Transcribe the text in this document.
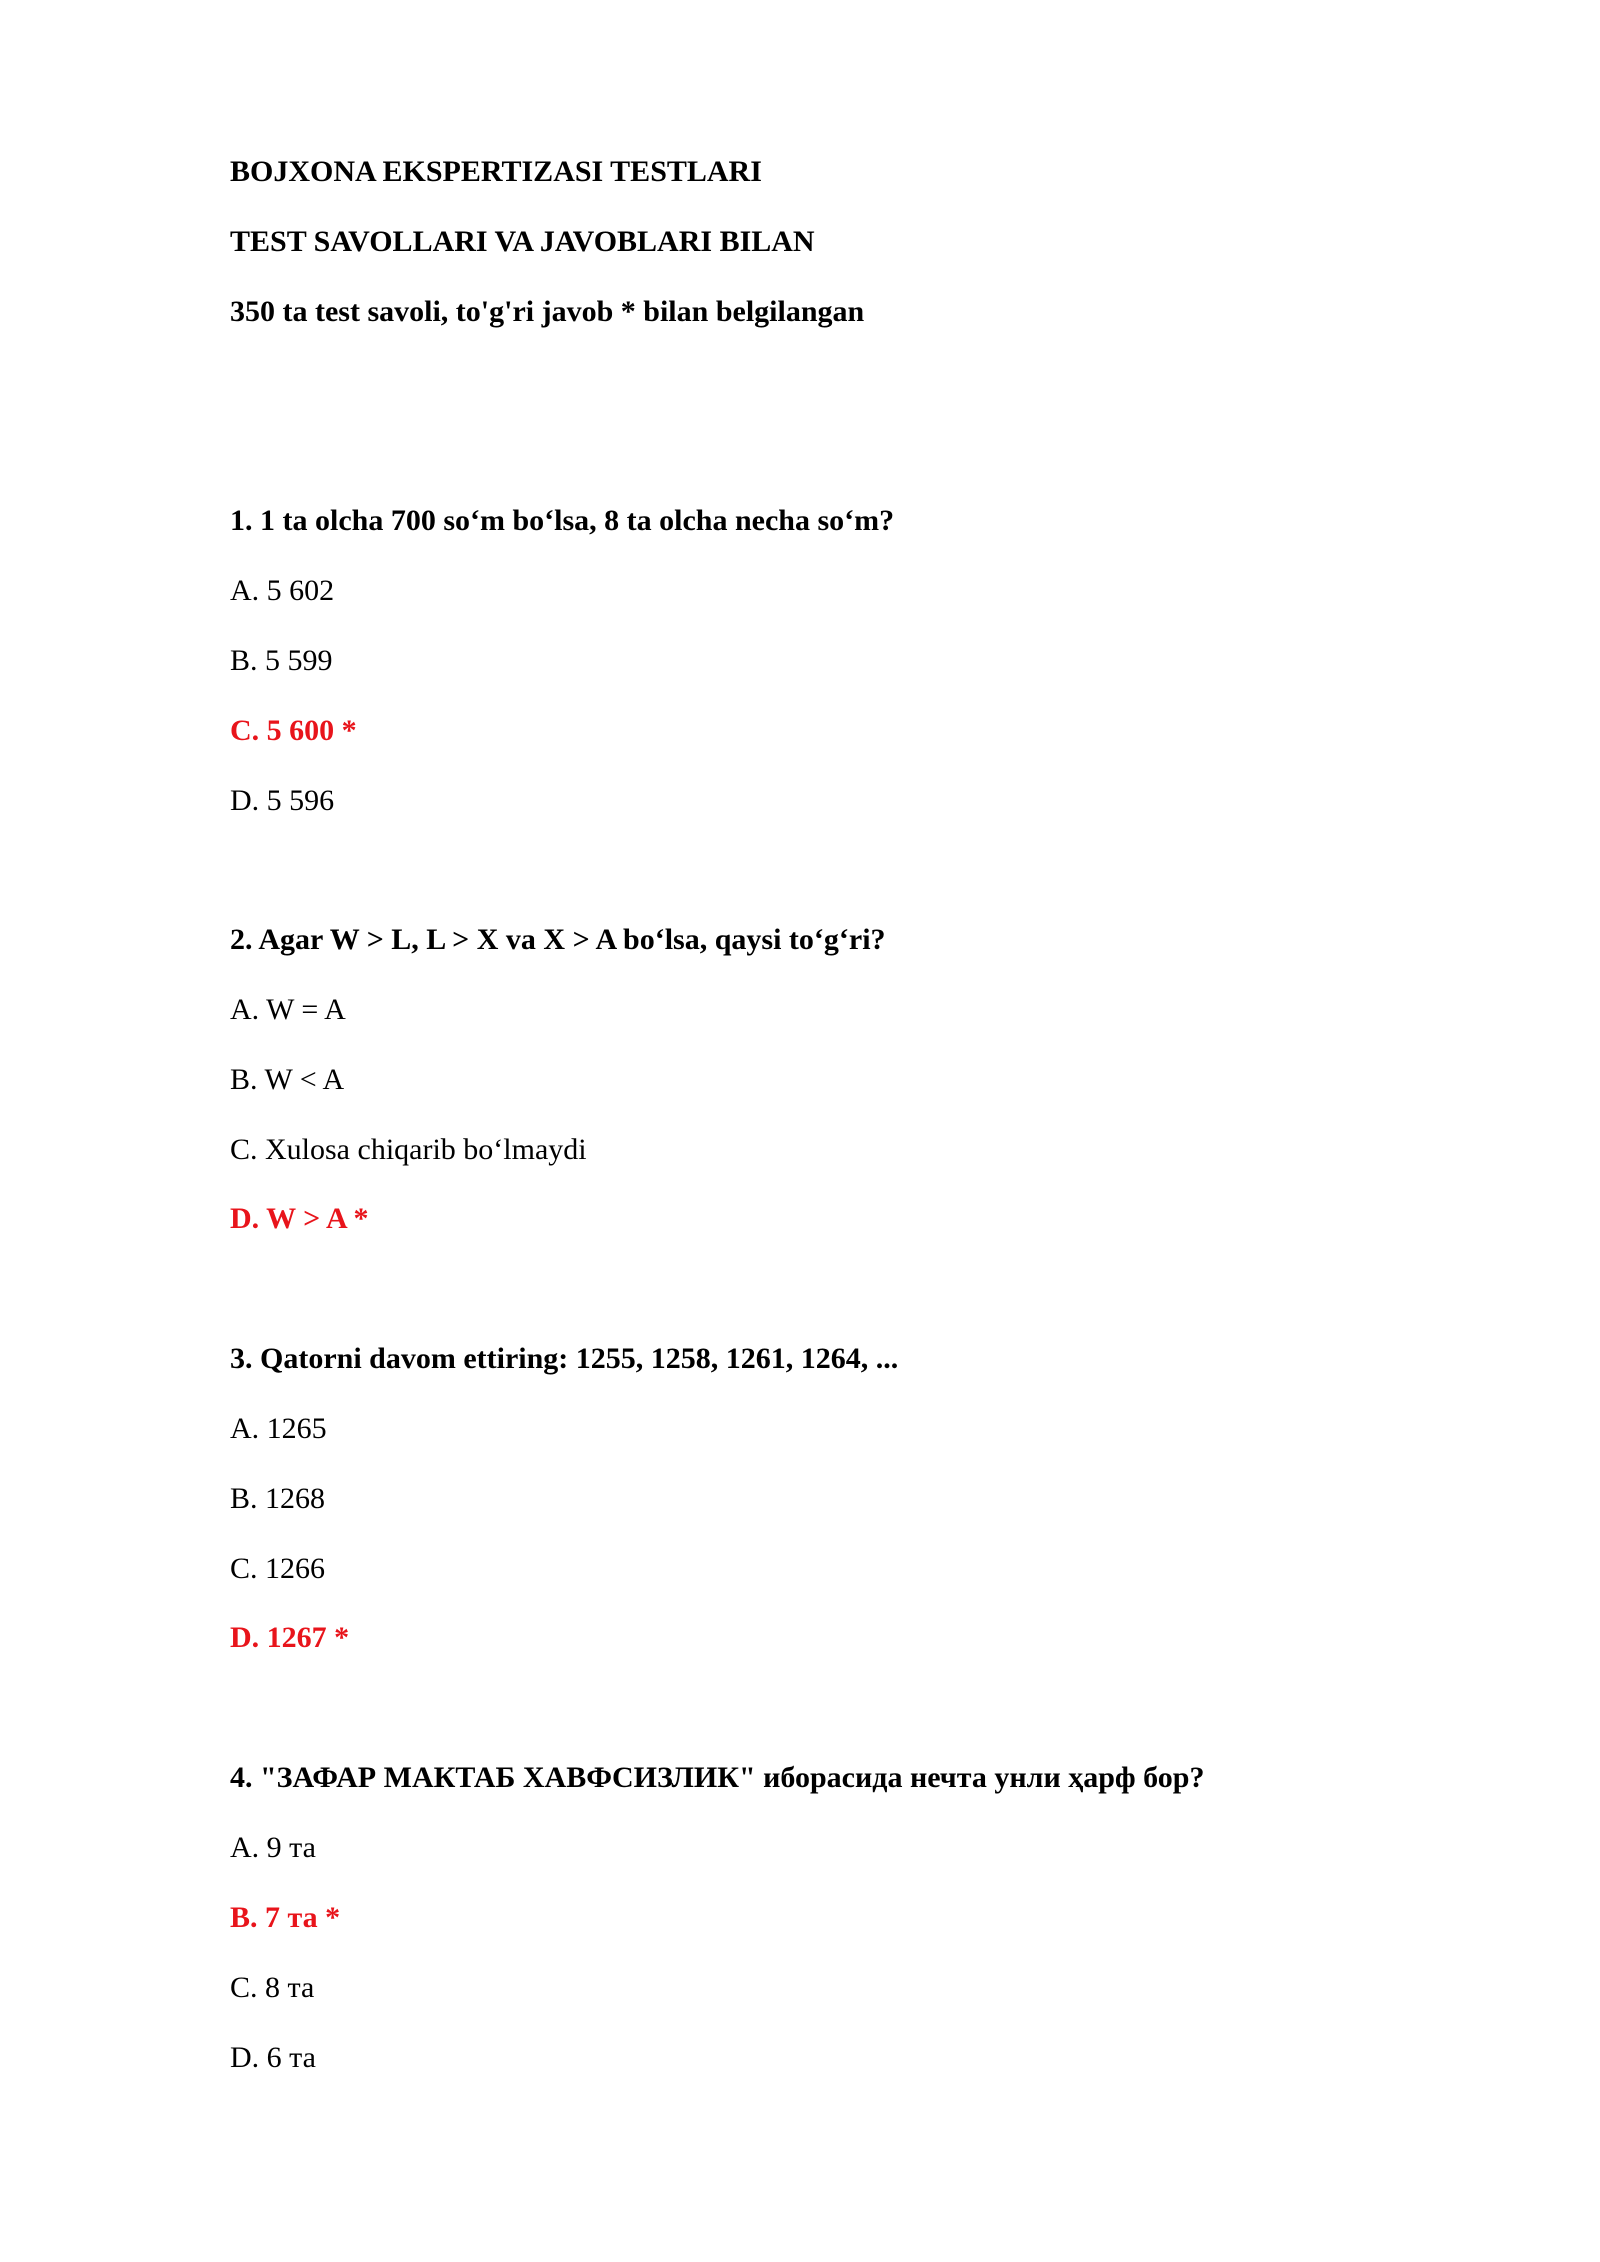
BOJXONA EKSPERTIZASI TESTLARI
TEST SAVOLLARI VA JAVOBLARI BILAN
350 ta test savoli, to'g'ri javob * bilan belgilangan
1. 1 ta olcha 700 so‘m bo‘lsa, 8 ta olcha necha so‘m?
A. 5 602
B. 5 599
C. 5 600 *
D. 5 596
2. Agar W > L, L > X va X > A bo‘lsa, qaysi to‘g‘ri?
A. W = A
B. W < A
C. Xulosa chiqarib bo‘lmaydi
D. W > A *
3. Qatorni davom ettiring: 1255, 1258, 1261, 1264, ...
A. 1265
B. 1268
C. 1266
D. 1267 *
4. "ЗАФАР МАКТАБ ХАВФСИЗЛИК" иборасида нечта унли ҳарф бор?
A. 9 та
B. 7 та *
C. 8 та
D. 6 та
